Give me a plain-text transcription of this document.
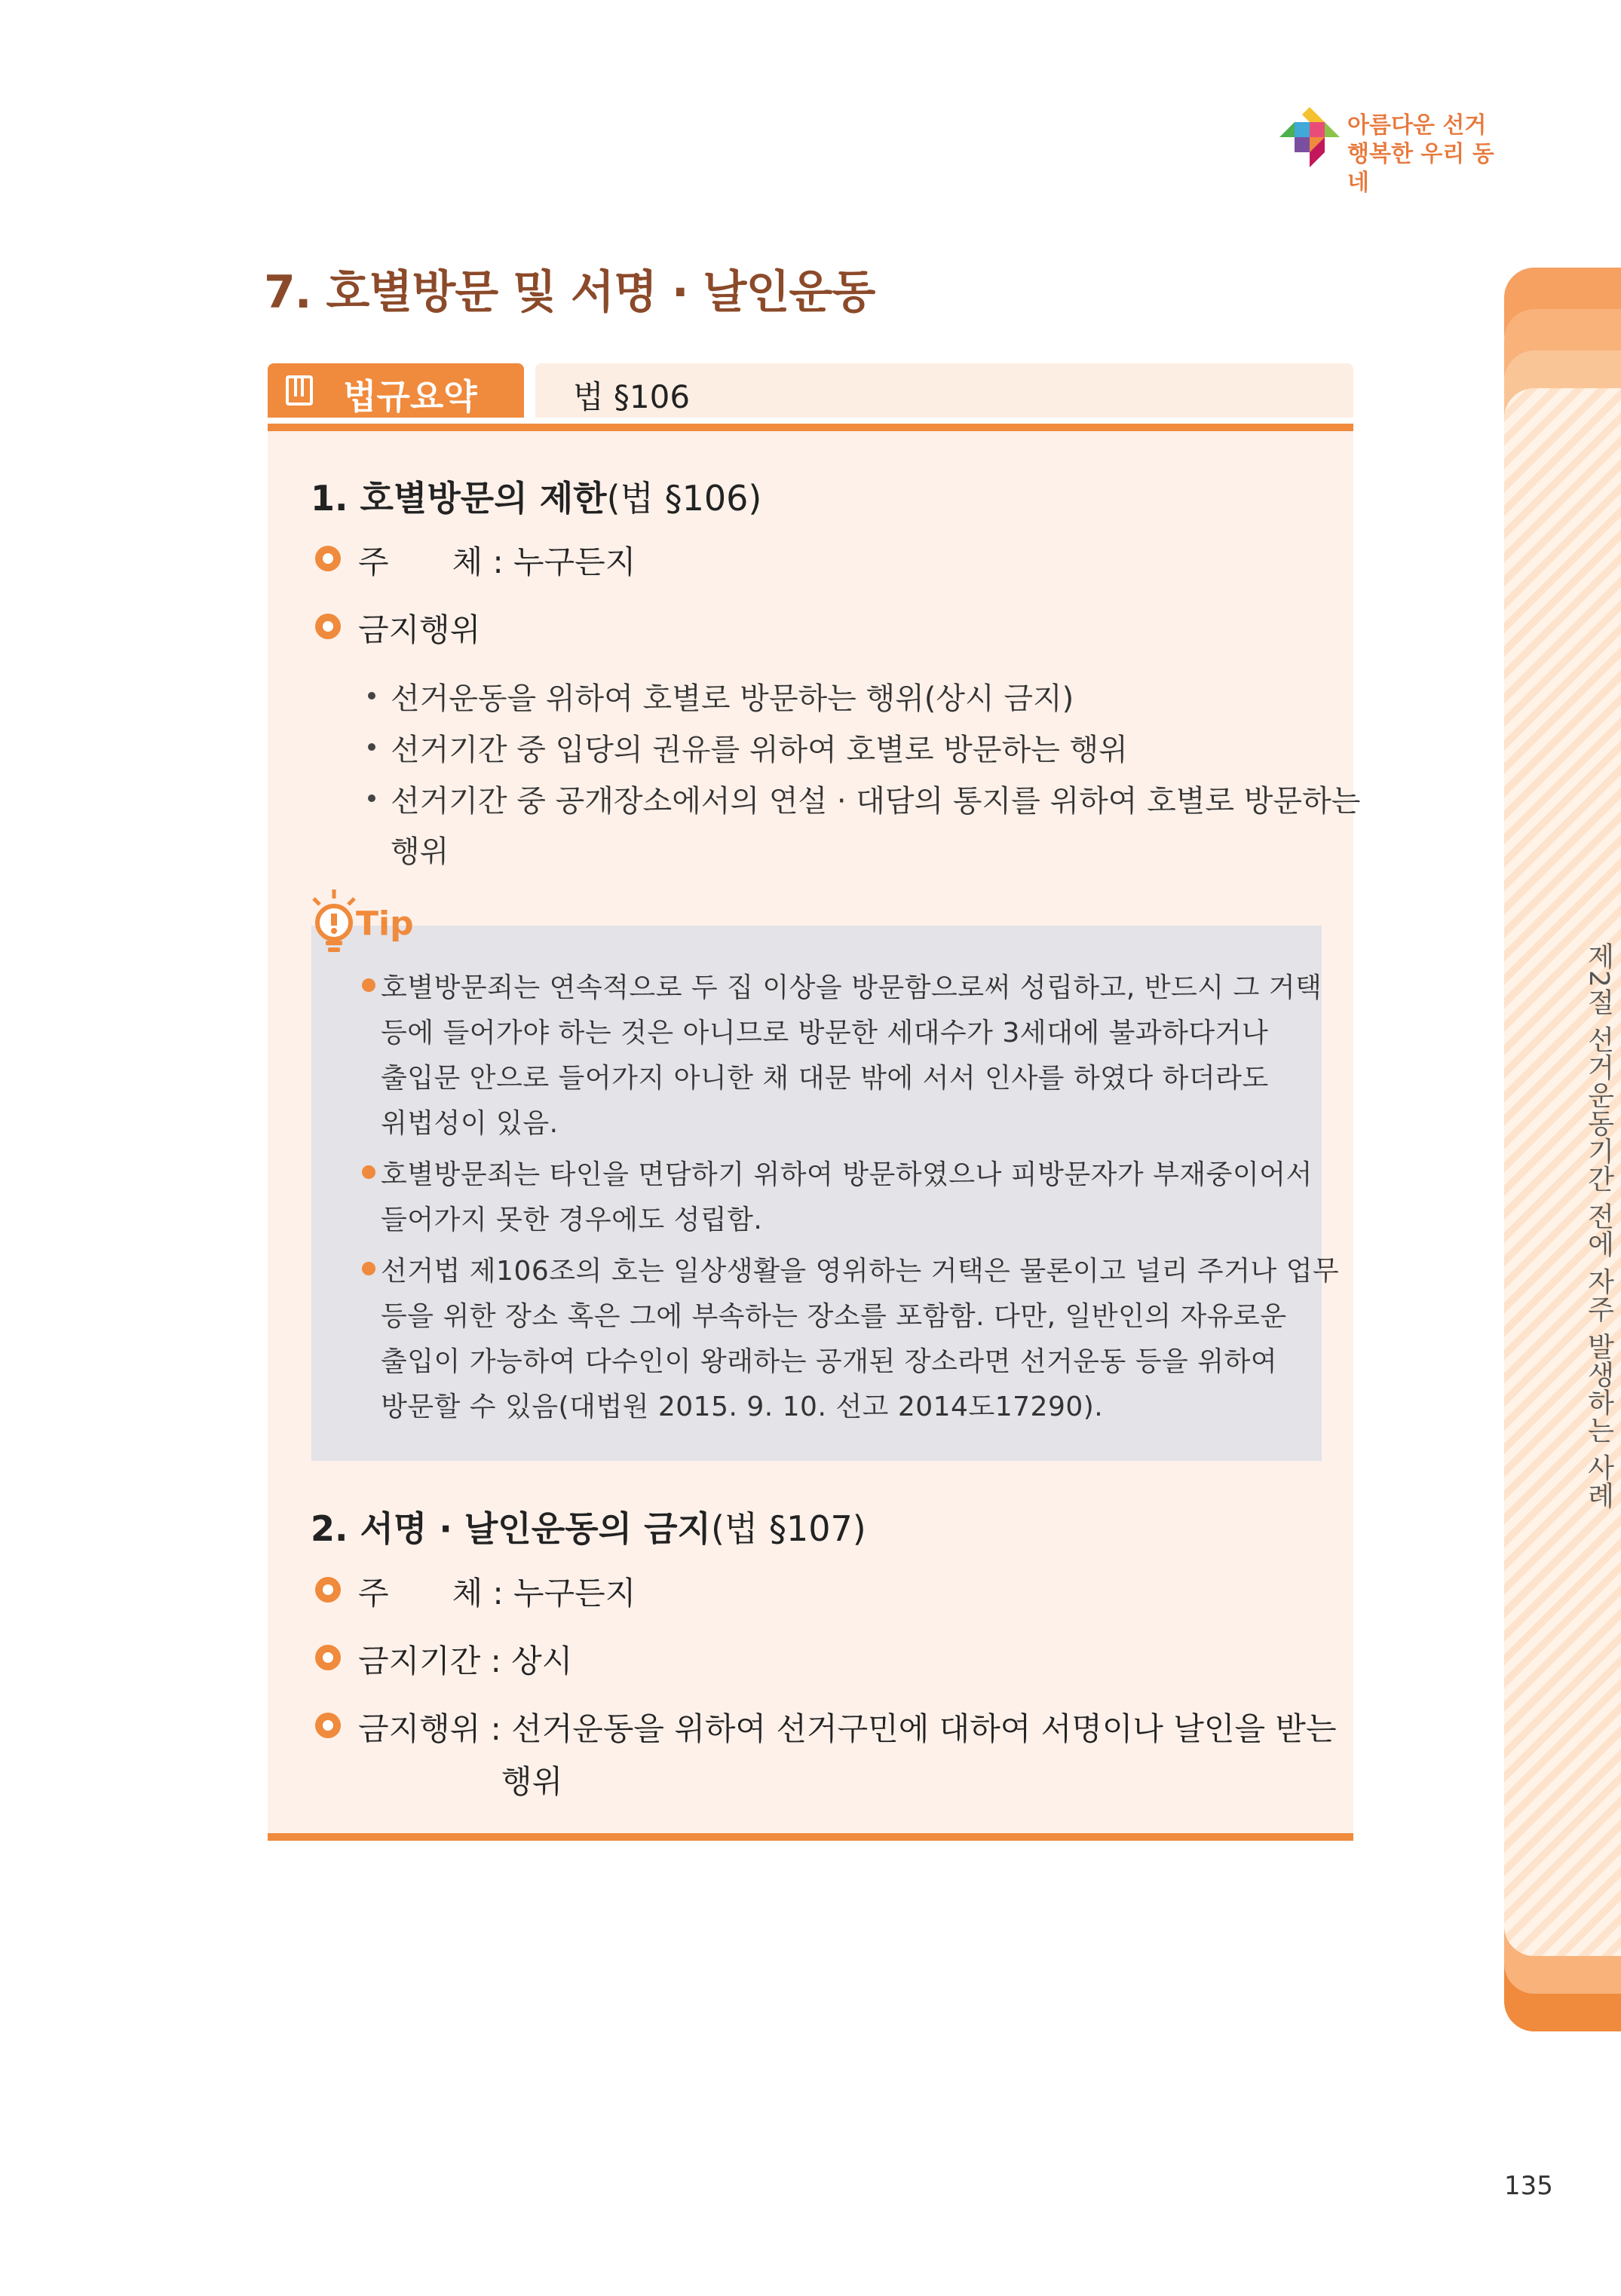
아름다운 선거
행복한 우리 동네
7. 호별방문 및 서명 · 날인운동
법규요약	법 §106
1. 호별방문의 제한(법 §106)
주　　체 : 누구든지
금지행위
선거운동을 위하여 호별로 방문하는 행위(상시 금지)
선거기간 중 입당의 권유를 위하여 호별로 방문하는 행위
선거기간 중 공개장소에서의 연설 · 대담의 통지를 위하여 호별로 방문하는
행위
Tip
호별방문죄는 연속적으로 두 집 이상을 방문함으로써 성립하고, 반드시 그 거택
등에 들어가야 하는 것은 아니므로 방문한 세대수가 3세대에 불과하다거나
출입문 안으로 들어가지 아니한 채 대문 밖에 서서 인사를 하였다 하더라도
위법성이 있음.
호별방문죄는 타인을 면담하기 위하여 방문하였으나 피방문자가 부재중이어서
들어가지 못한 경우에도 성립함.
선거법 제106조의 호는 일상생활을 영위하는 거택은 물론이고 널리 주거나 업무
등을 위한 장소 혹은 그에 부속하는 장소를 포함함. 다만, 일반인의 자유로운
출입이 가능하여 다수인이 왕래하는 공개된 장소라면 선거운동 등을 위하여
방문할 수 있음(대법원 2015. 9. 10. 선고 2014도17290).
2. 서명 · 날인운동의 금지(법 §107)
주　　체 : 누구든지
금지기간 : 상시
금지행위 : 선거운동을 위하여 선거구민에 대하여 서명이나 날인을 받는
행위
제2절 선거운동기간 전에 자주 발생하는 사례
135
